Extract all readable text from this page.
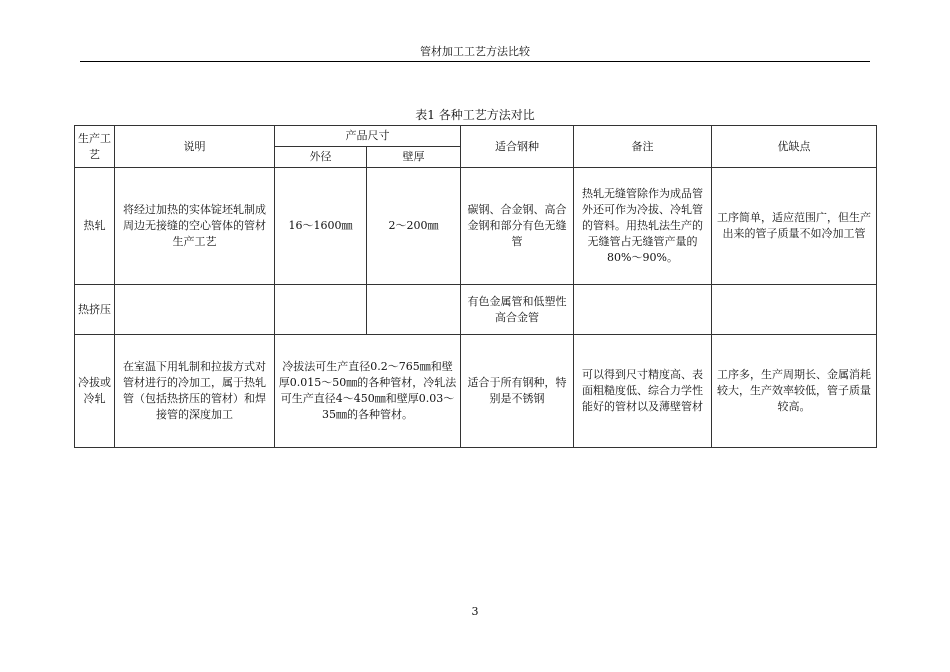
管材加工工艺方法比较
表1 各种工艺方法对比
生产工艺	说明	产品尺寸		适合钢种	备注	优缺点
		外径	壁厚			
热轧	将经过加热的实体锭坯轧制成周边无接缝的空心管体的管材生产工艺	16～1600㎜	2～200㎜	碳钢、合金钢、高合金钢和部分有色无缝管	热轧无缝管除作为成品管外还可作为冷拔、冷轧管的管料。用热轧法生产的无缝管占无缝管产量的80%～90%。	工序简单，适应范围广，但生产出来的管子质量不如冷加工管
热挤压				有色金属管和低塑性高合金管		
冷拔或冷轧	在室温下用轧制和拉拔方式对管材进行的冷加工，属于热轧管（包括热挤压的管材）和焊接管的深度加工	冷拔法可生产直径0.2～765㎜和壁厚0.015～50㎜的各种管材，冷轧法可生产直径4～450㎜和壁厚0.03～35㎜的各种管材。		适合于所有钢种，特别是不锈钢	可以得到尺寸精度高、表面粗糙度低、综合力学性能好的管材以及薄壁管材	工序多，生产周期长、金属消耗较大，生产效率较低，管子质量较高。
3
